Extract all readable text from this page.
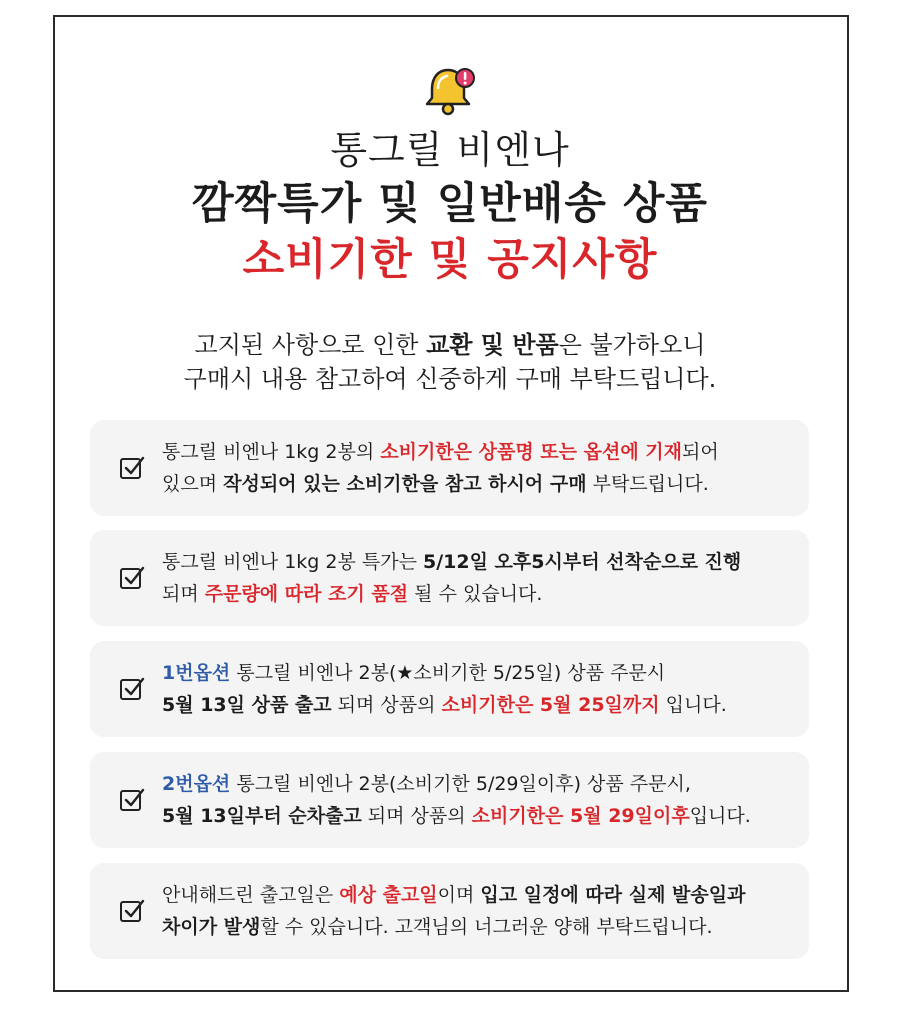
통그릴 비엔나
깜짝특가 및 일반배송 상품
소비기한 및 공지사항
고지된 사항으로 인한 교환 및 반품은 불가하오니
구매시 내용 참고하여 신중하게 구매 부탁드립니다.
통그릴 비엔나 1kg 2봉의 소비기한은 상품명 또는 옵션에 기재되어
있으며 작성되어 있는 소비기한을 참고 하시어 구매 부탁드립니다.
통그릴 비엔나 1kg 2봉 특가는 5/12일 오후5시부터 선착순으로 진행
되며 주문량에 따라 조기 품절 될 수 있습니다.
1번옵션 통그릴 비엔나 2봉(★소비기한 5/25일) 상품 주문시
5월 13일 상품 출고 되며 상품의 소비기한은 5월 25일까지 입니다.
2번옵션 통그릴 비엔나 2봉(소비기한 5/29일이후) 상품 주문시,
5월 13일부터 순차출고 되며 상품의 소비기한은 5월 29일이후입니다.
안내해드린 출고일은 예상 출고일이며 입고 일정에 따라 실제 발송일과
차이가 발생할 수 있습니다. 고객님의 너그러운 양해 부탁드립니다.
